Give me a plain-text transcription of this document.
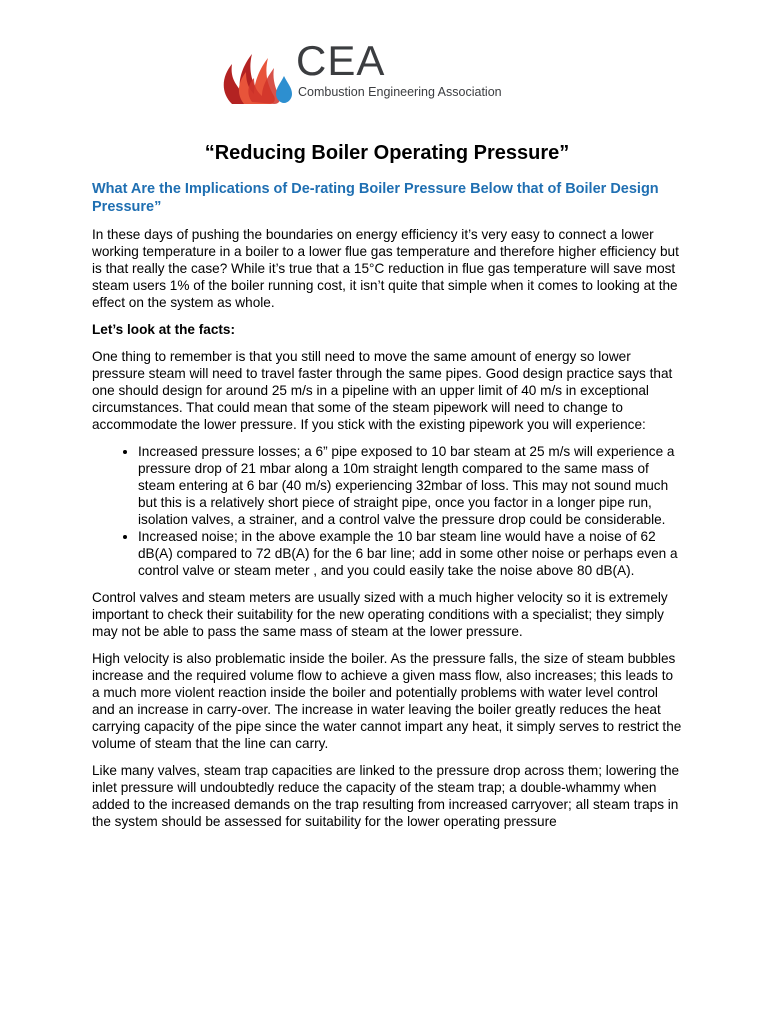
CEA
Combustion Engineering Association
“Reducing Boiler Operating Pressure”
What Are the Implications of De-rating Boiler Pressure Below that of Boiler Design Pressure”

In these days of pushing the boundaries on energy efficiency it’s very easy to connect a lower working temperature in a boiler to a lower flue gas temperature and therefore higher efficiency but is that really the case? While it’s true that a 15°C reduction in flue gas temperature will save most steam users 1% of the boiler running cost, it isn’t quite that simple when it comes to looking at the effect on the system as whole.

Let’s look at the facts:

One thing to remember is that you still need to move the same amount of energy so lower pressure steam will need to travel faster through the same pipes. Good design practice says that one should design for around 25 m/s in a pipeline with an upper limit of 40 m/s in exceptional circumstances. That could mean that some of the steam pipework will need to change to accommodate the lower pressure. If you stick with the existing pipework you will experience:

• Increased pressure losses; a 6” pipe exposed to 10 bar steam at 25 m/s will experience a pressure drop of 21 mbar along a 10m straight length compared to the same mass of steam entering at 6 bar (40 m/s) experiencing 32mbar of loss. This may not sound much but this is a relatively short piece of straight pipe, once you factor in a longer pipe run, isolation valves, a strainer, and a control valve the pressure drop could be considerable.
• Increased noise; in the above example the 10 bar steam line would have a noise of 62 dB(A) compared to 72 dB(A) for the 6 bar line; add in some other noise or perhaps even a control valve or steam meter , and you could easily take the noise above 80 dB(A).

Control valves and steam meters are usually sized with a much higher velocity so it is extremely important to check their suitability for the new operating conditions with a specialist; they simply may not be able to pass the same mass of steam at the lower pressure.

High velocity is also problematic inside the boiler. As the pressure falls, the size of steam bubbles increase and the required volume flow to achieve a given mass flow, also increases; this leads to a much more violent reaction inside the boiler and potentially problems with water level control and an increase in carry-over. The increase in water leaving the boiler greatly reduces the heat carrying capacity of the pipe since the water cannot impart any heat, it simply serves to restrict the volume of steam that the line can carry.

Like many valves, steam trap capacities are linked to the pressure drop across them; lowering the inlet pressure will undoubtedly reduce the capacity of the steam trap; a double-whammy when added to the increased demands on the trap resulting from increased carryover; all steam traps in the system should be assessed for suitability for the lower operating pressure
